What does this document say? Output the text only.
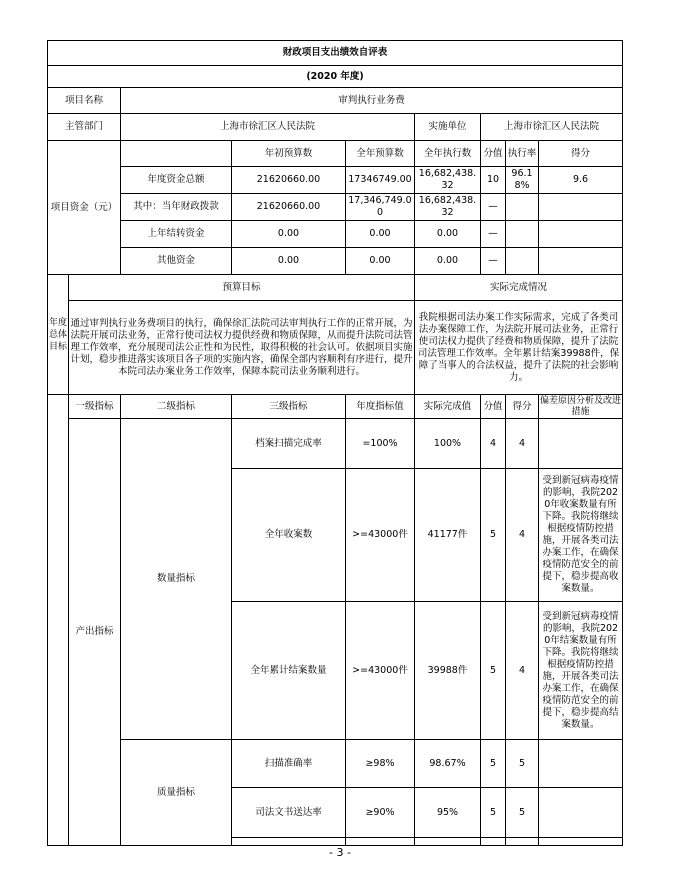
财政项目支出绩效自评表								
(2020 年度)								
项目名称		审判执行业务费						
主管部门		上海市徐汇区人民法院			实施单位	上海市徐汇区人民法院		
项目资金（元）			年初预算数	全年预算数	全年执行数	分值	执行率	得分
		年度资金总额	21620660.00	17346749.00	16,682,438.32	10	96.18%	9.6
		其中：当年财政拨款	21620660.00	17,346,749.00	16,682,438.32	—		
		上年结转资金	0.00	0.00	0.00	—		
		其他资金	0.00	0.00	0.00	—		
年度总体目标	预算目标				实际完成情况			
	通过审判执行业务费项目的执行，确保徐汇法院司法审判执行工作的正常开展，为法院开展司法业务，正常行使司法权力提供经费和物质保障，从而提升法院司法管理工作效率，充分展现司法公正性和为民性，取得积极的社会认可。依据项目实施计划，稳步推进落实该项目各子项的实施内容，确保全部内容顺利有序进行，提升本院司法办案业务工作效率，保障本院司法业务顺利进行。				我院根据司法办案工作实际需求，完成了各类司法办案保障工作，为法院开展司法业务，正常行使司法权力提供了经费和物质保障，提升了法院司法管理工作效率。全年累计结案39988件，保障了当事人的合法权益，提升了法院的社会影响力。			
	一级指标	二级指标	三级指标	年度指标值	实际完成值	分值	得分	偏差原因分析及改进措施
	产出指标	数量指标	档案扫描完成率	=100%	100%	4	4	
			全年收案数	>=43000件	41177件	5	4	受到新冠病毒疫情的影响，我院2020年收案数量有所下降。我院将继续根据疫情防控措施，开展各类司法办案工作，在确保疫情防范安全的前提下，稳步提高收案数量。
			全年累计结案数量	>=43000件	39988件	5	4	受到新冠病毒疫情的影响，我院2020年结案数量有所下降。我院将继续根据疫情防控措施，开展各类司法办案工作，在确保疫情防范安全的前提下，稳步提高结案数量。
		质量指标	扫描准确率	≥98%	98.67%	5	5	
			司法文书送达率	≥90%	95%	5	5	

- 3 -
